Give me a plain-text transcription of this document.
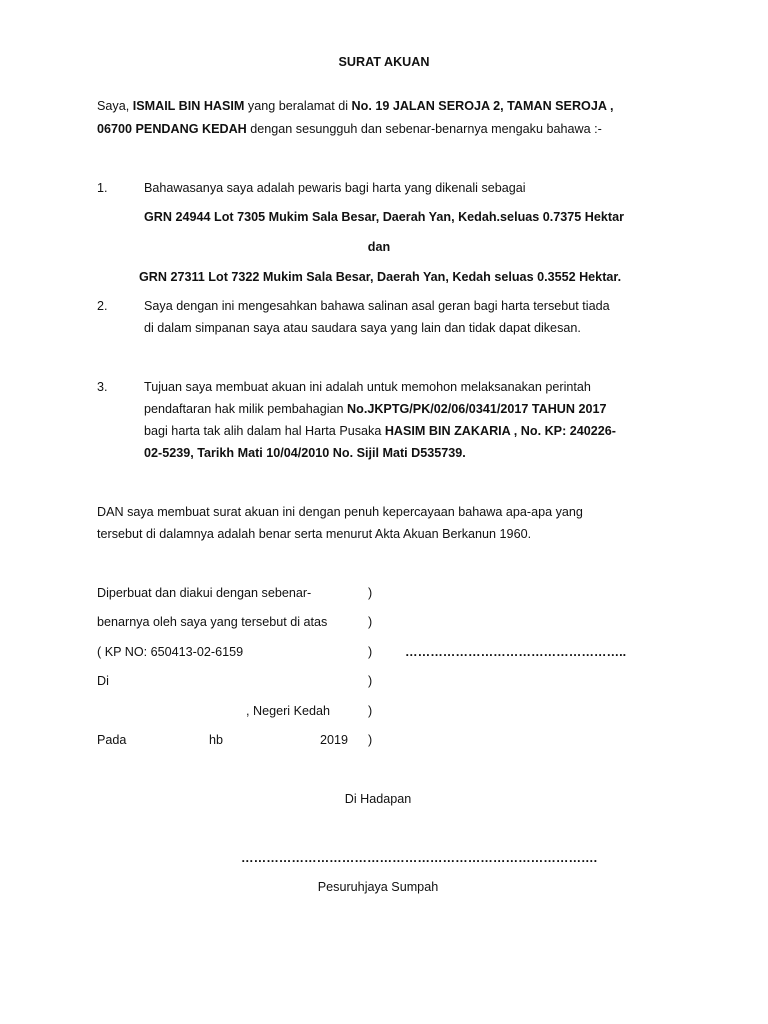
SURAT AKUAN
Saya, ISMAIL BIN HASIM yang beralamat di No. 19 JALAN SEROJA 2, TAMAN SEROJA ,
06700 PENDANG KEDAH dengan sesungguh dan sebenar-benarnya mengaku bahawa :-
1.	Bahawasanya saya adalah pewaris bagi harta yang dikenali sebagai
GRN 24944 Lot 7305 Mukim Sala Besar, Daerah Yan, Kedah.seluas 0.7375 Hektar
dan
GRN 27311 Lot 7322 Mukim Sala Besar, Daerah Yan, Kedah seluas 0.3552 Hektar.
2.	Saya dengan ini mengesahkan bahawa salinan asal geran bagi harta tersebut tiada
di dalam simpanan saya atau saudara saya yang lain dan tidak dapat dikesan.
3.	Tujuan saya membuat akuan ini adalah untuk memohon melaksanakan perintah
pendaftaran hak milik pembahagian No.JKPTG/PK/02/06/0341/2017 TAHUN 2017
bagi harta tak alih dalam hal Harta Pusaka HASIM BIN ZAKARIA , No. KP: 240226-
02-5239, Tarikh Mati 10/04/2010 No. Sijil Mati D535739.
DAN saya membuat surat akuan ini dengan penuh kepercayaan bahawa apa-apa yang
tersebut di dalamnya adalah benar serta menurut Akta Akuan Berkanun 1960.
Diperbuat dan diakui dengan sebenar-	)
benarnya oleh saya yang tersebut di atas	)
( KP NO: 650413-02-6159	)	……………………………………………..
Di	)
, Negeri Kedah	)
Pada	hb	2019 )
Di Hadapan
………………………………………………………………………….
Pesuruhjaya Sumpah
